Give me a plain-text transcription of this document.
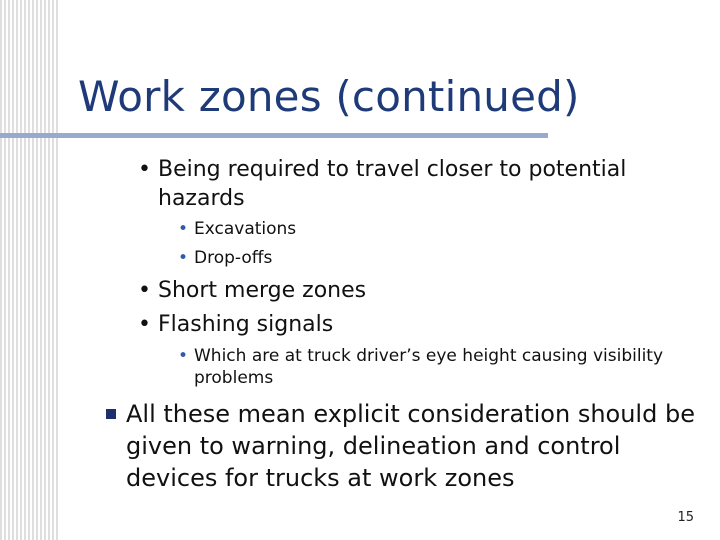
Work zones (continued)
• Being required to travel closer to potential hazards
• Excavations
• Drop-offs
• Short merge zones
• Flashing signals
• Which are at truck driver’s eye height causing visibility problems
All these mean explicit consideration should be given to warning, delineation and control devices for trucks at work zones
15
